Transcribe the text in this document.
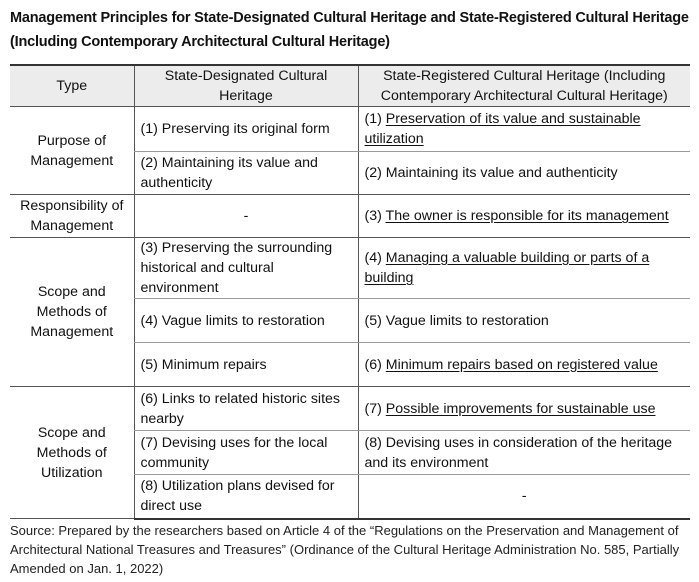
Management Principles for State-Designated Cultural Heritage and State-Registered Cultural Heritage
(Including Contemporary Architectural Cultural Heritage)
Type	State-Designated Cultural Heritage	State-Registered Cultural Heritage (Including Contemporary Architectural Cultural Heritage)
Purpose of Management	(1) Preserving its original form	(1) Preservation of its value and sustainable utilization
	(2) Maintaining its value and authenticity	(2) Maintaining its value and authenticity
Responsibility of Management	-	(3) The owner is responsible for its management
Scope and Methods of Management	(3) Preserving the surrounding historical and cultural environment	(4) Managing a valuable building or parts of a building
	(4) Vague limits to restoration	(5) Vague limits to restoration
	(5) Minimum repairs	(6) Minimum repairs based on registered value
Scope and Methods of Utilization	(6) Links to related historic sites nearby	(7) Possible improvements for sustainable use
	(7) Devising uses for the local community	(8) Devising uses in consideration of the heritage and its environment
	(8) Utilization plans devised for direct use	-
Source: Prepared by the researchers based on Article 4 of the “Regulations on the Preservation and Management of Architectural National Treasures and Treasures” (Ordinance of the Cultural Heritage Administration No. 585, Partially Amended on Jan. 1, 2022)
